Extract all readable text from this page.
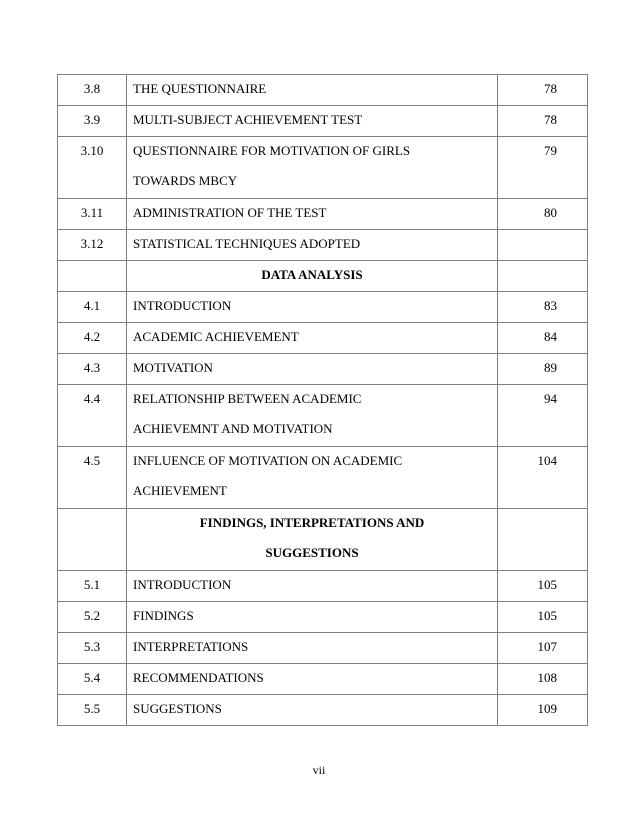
3.8	THE QUESTIONNAIRE	78

3.9	MULTI-SUBJECT ACHIEVEMENT TEST	78

3.10	QUESTIONNAIRE FOR MOTIVATION OF GIRLS
TOWARDS MBCY	79

3.11	ADMINISTRATION OF THE TEST	80

3.12	STATISTICAL TECHNIQUES ADOPTED	

	DATA ANALYSIS	

4.1	INTRODUCTION	83

4.2	ACADEMIC ACHIEVEMENT	84

4.3	MOTIVATION	89

4.4	RELATIONSHIP BETWEEN ACADEMIC
ACHIEVEMNT AND MOTIVATION	94

4.5	INFLUENCE OF MOTIVATION ON ACADEMIC
ACHIEVEMENT	104

	FINDINGS, INTERPRETATIONS AND
SUGGESTIONS	

5.1	INTRODUCTION	105

5.2	FINDINGS	105

5.3	INTERPRETATIONS	107

5.4	RECOMMENDATIONS	108

5.5	SUGGESTIONS	109
vii
